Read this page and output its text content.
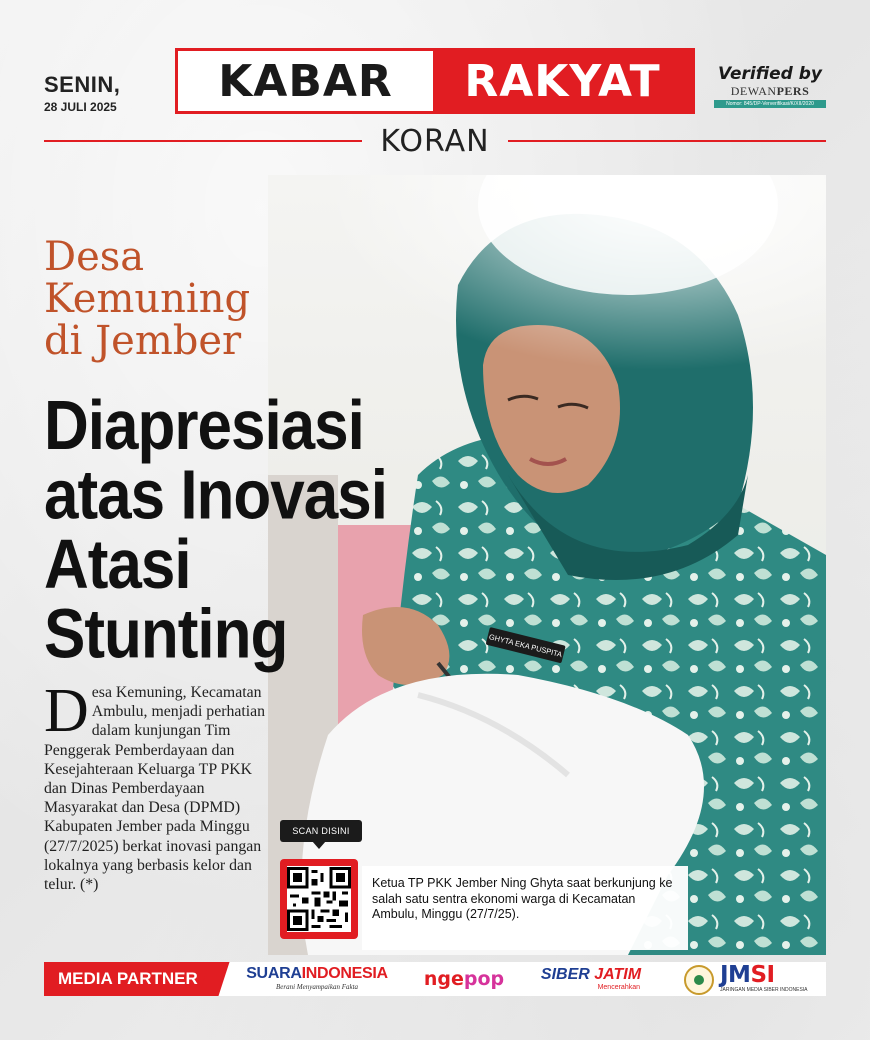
SENIN,
28 JULI 2025
KABAR	RAKYAT	Verified by
DEWANPERS
Nomor: 845/DP-Ververifikasi/K/XII/2020
KORAN
GHYTA EKA PUSPITA
Desa
Kemuning
di Jember
Diapresiasi
atas Inovasi
Atasi
Stunting
Desa Kemuning, Kecamatan Ambulu, menjadi perhatian dalam kunjungan Tim Penggerak Pemberdayaan dan Kesejahteraan Keluarga TP PKK dan Dinas Pemberdayaan Masyarakat dan Desa (DPMD) Kabupaten Jember pada Minggu (27/7/2025) berkat inovasi pangan lokalnya yang berbasis kelor dan telur. (*)
SCAN DISINI
Ketua TP PKK Jember Ning Ghyta saat berkunjung ke salah satu sentra ekonomi warga di Kecamatan Ambulu, Minggu (27/7/25).
MEDIA PARTNER	SUARAINDONESIA
Berani Menyampaikan Fakta	ngepop	SIBER JATIM
Mencerahkan	JMSI
JARINGAN MEDIA SIBER INDONESIA
